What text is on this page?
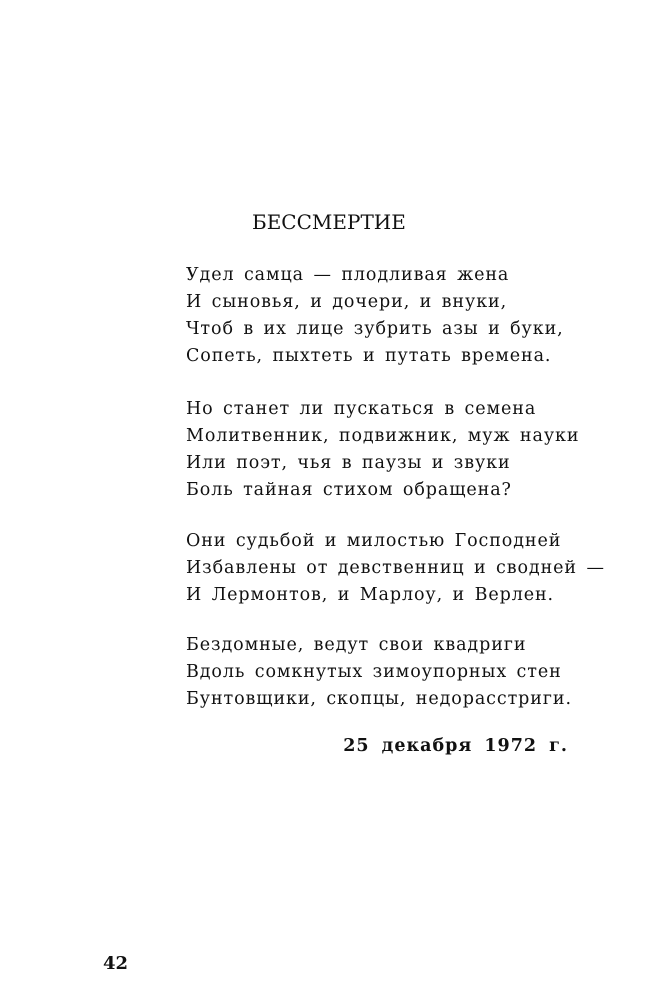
БЕССМЕРТИЕ
Удел самца — плодливая жена
И сыновья, и дочери, и внуки,
Чтоб в их лице зубрить азы и буки,
Сопеть, пыхтеть и путать времена.
Но станет ли пускаться в семена
Молитвенник, подвижник, муж науки
Или поэт, чья в паузы и звуки
Боль тайная стихом обращена?
Они судьбой и милостью Господней
Избавлены от девственниц и сводней —
И Лермонтов, и Марлоу, и Верлен.
Бездомные, ведут свои квадриги
Вдоль сомкнутых зимоупорных стен
Бунтовщики, скопцы, недорасстриги.
25 декабря 1972 г.
42
